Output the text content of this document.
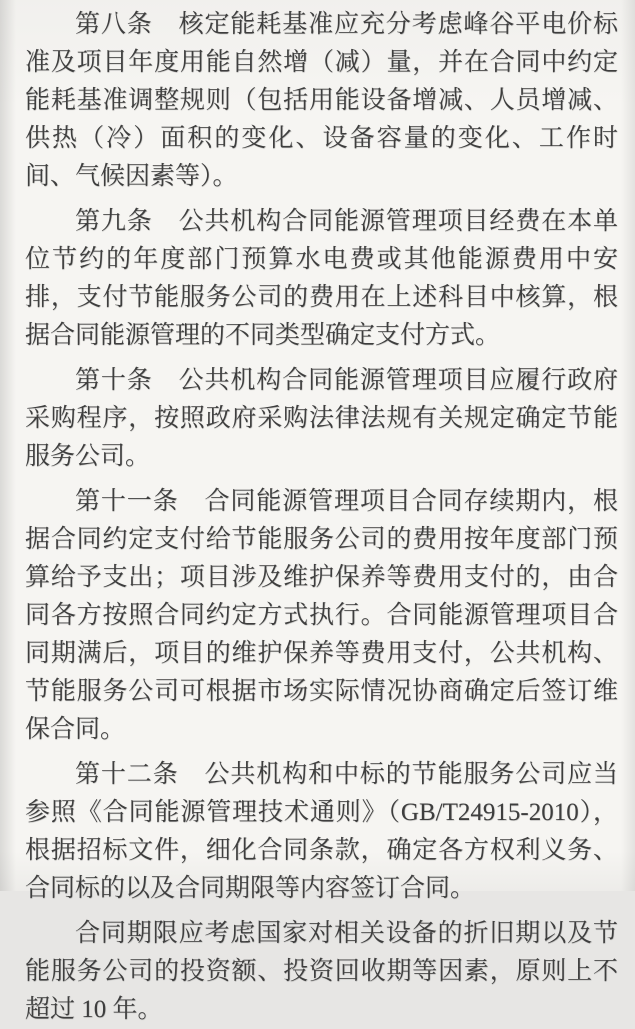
第八条　核定能耗基准应充分考虑峰谷平电价标准及项目年度用能自然增（减）量，并在合同中约定能耗基准调整规则（包括用能设备增减、人员增减、供热（冷）面积的变化、设备容量的变化、工作时间、气候因素等）。

第九条　公共机构合同能源管理项目经费在本单位节约的年度部门预算水电费或其他能源费用中安排，支付节能服务公司的费用在上述科目中核算，根据合同能源管理的不同类型确定支付方式。

第十条　公共机构合同能源管理项目应履行政府采购程序，按照政府采购法律法规有关规定确定节能服务公司。

第十一条　合同能源管理项目合同存续期内，根据合同约定支付给节能服务公司的费用按年度部门预算给予支出；项目涉及维护保养等费用支付的，由合同各方按照合同约定方式执行。合同能源管理项目合同期满后，项目的维护保养等费用支付，公共机构、节能服务公司可根据市场实际情况协商确定后签订维保合同。

第十二条　公共机构和中标的节能服务公司应当参照《合同能源管理技术通则》（GB/T24915-2010），根据招标文件，细化合同条款，确定各方权利义务、合同标的以及合同期限等内容签订合同。

合同期限应考虑国家对相关设备的折旧期以及节能服务公司的投资额、投资回收期等因素，原则上不超过 10 年。
